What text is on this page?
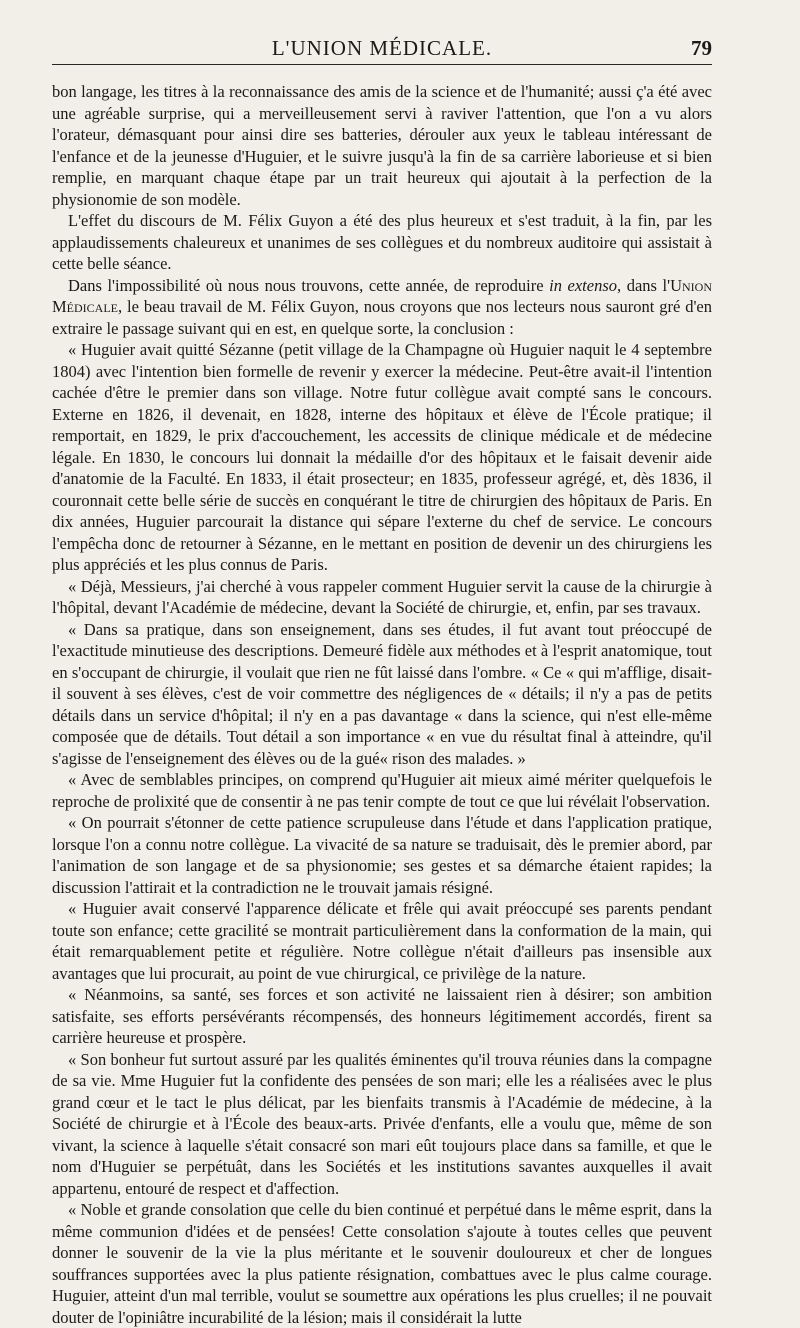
L'UNION MÉDICALE.	79

bon langage, les titres à la reconnaissance des amis de la science et de l'humanité; aussi ç'a été avec une agréable surprise, qui a merveilleusement servi à raviver l'attention, que l'on a vu alors l'orateur, démasquant pour ainsi dire ses batteries, dérouler aux yeux le tableau intéressant de l'enfance et de la jeunesse d'Huguier, et le suivre jusqu'à la fin de sa carrière laborieuse et si bien remplie, en marquant chaque étape par un trait heureux qui ajoutait à la perfection de la physionomie de son modèle.

L'effet du discours de M. Félix Guyon a été des plus heureux et s'est traduit, à la fin, par les applaudissements chaleureux et unanimes de ses collègues et du nombreux auditoire qui assistait à cette belle séance.

Dans l'impossibilité où nous nous trouvons, cette année, de reproduire in extenso, dans l'Union Médicale, le beau travail de M. Félix Guyon, nous croyons que nos lecteurs nous sauront gré d'en extraire le passage suivant qui en est, en quelque sorte, la conclusion :

« Huguier avait quitté Sézanne (petit village de la Champagne où Huguier naquit le 4 septembre 1804) avec l'intention bien formelle de revenir y exercer la médecine. Peut-être avait-il l'intention cachée d'être le premier dans son village. Notre futur collègue avait compté sans le concours. Externe en 1826, il devenait, en 1828, interne des hôpitaux et élève de l'École pratique; il remportait, en 1829, le prix d'accouchement, les accessits de clinique médicale et de médecine légale. En 1830, le concours lui donnait la médaille d'or des hôpitaux et le faisait devenir aide d'anatomie de la Faculté. En 1833, il était prosecteur; en 1835, professeur agrégé, et, dès 1836, il couronnait cette belle série de succès en conquérant le titre de chirurgien des hôpitaux de Paris. En dix années, Huguier parcourait la distance qui sépare l'externe du chef de service. Le concours l'empêcha donc de retourner à Sézanne, en le mettant en position de devenir un des chirurgiens les plus appréciés et les plus connus de Paris.

« Déjà, Messieurs, j'ai cherché à vous rappeler comment Huguier servit la cause de la chirurgie à l'hôpital, devant l'Académie de médecine, devant la Société de chirurgie, et, enfin, par ses travaux.

« Dans sa pratique, dans son enseignement, dans ses études, il fut avant tout préoccupé de l'exactitude minutieuse des descriptions. Demeuré fidèle aux méthodes et à l'esprit anatomique, tout en s'occupant de chirurgie, il voulait que rien ne fût laissé dans l'ombre. « Ce « qui m'afflige, disait-il souvent à ses élèves, c'est de voir commettre des négligences de « détails; il n'y a pas de petits détails dans un service d'hôpital; il n'y en a pas davantage « dans la science, qui n'est elle-même composée que de détails. Tout détail a son importance « en vue du résultat final à atteindre, qu'il s'agisse de l'enseignement des élèves ou de la gué« rison des malades. »

« Avec de semblables principes, on comprend qu'Huguier ait mieux aimé mériter quelquefois le reproche de prolixité que de consentir à ne pas tenir compte de tout ce que lui révélait l'observation.

« On pourrait s'étonner de cette patience scrupuleuse dans l'étude et dans l'application pratique, lorsque l'on a connu notre collègue. La vivacité de sa nature se traduisait, dès le premier abord, par l'animation de son langage et de sa physionomie; ses gestes et sa démarche étaient rapides; la discussion l'attirait et la contradiction ne le trouvait jamais résigné.

« Huguier avait conservé l'apparence délicate et frêle qui avait préoccupé ses parents pendant toute son enfance; cette gracilité se montrait particulièrement dans la conformation de la main, qui était remarquablement petite et régulière. Notre collègue n'était d'ailleurs pas insensible aux avantages que lui procurait, au point de vue chirurgical, ce privilège de la nature.

« Néanmoins, sa santé, ses forces et son activité ne laissaient rien à désirer; son ambition satisfaite, ses efforts persévérants récompensés, des honneurs légitimement accordés, firent sa carrière heureuse et prospère.

« Son bonheur fut surtout assuré par les qualités éminentes qu'il trouva réunies dans la compagne de sa vie. Mme Huguier fut la confidente des pensées de son mari; elle les a réalisées avec le plus grand cœur et le tact le plus délicat, par les bienfaits transmis à l'Académie de médecine, à la Société de chirurgie et à l'École des beaux-arts. Privée d'enfants, elle a voulu que, même de son vivant, la science à laquelle s'était consacré son mari eût toujours place dans sa famille, et que le nom d'Huguier se perpétuât, dans les Sociétés et les institutions savantes auxquelles il avait appartenu, entouré de respect et d'affection.

« Noble et grande consolation que celle du bien continué et perpétué dans le même esprit, dans la même communion d'idées et de pensées! Cette consolation s'ajoute à toutes celles que peuvent donner le souvenir de la vie la plus méritante et le souvenir douloureux et cher de longues souffrances supportées avec la plus patiente résignation, combattues avec le plus calme courage. Huguier, atteint d'un mal terrible, voulut se soumettre aux opérations les plus cruelles; il ne pouvait douter de l'opiniâtre incurabilité de la lésion; mais il considérait la lutte
